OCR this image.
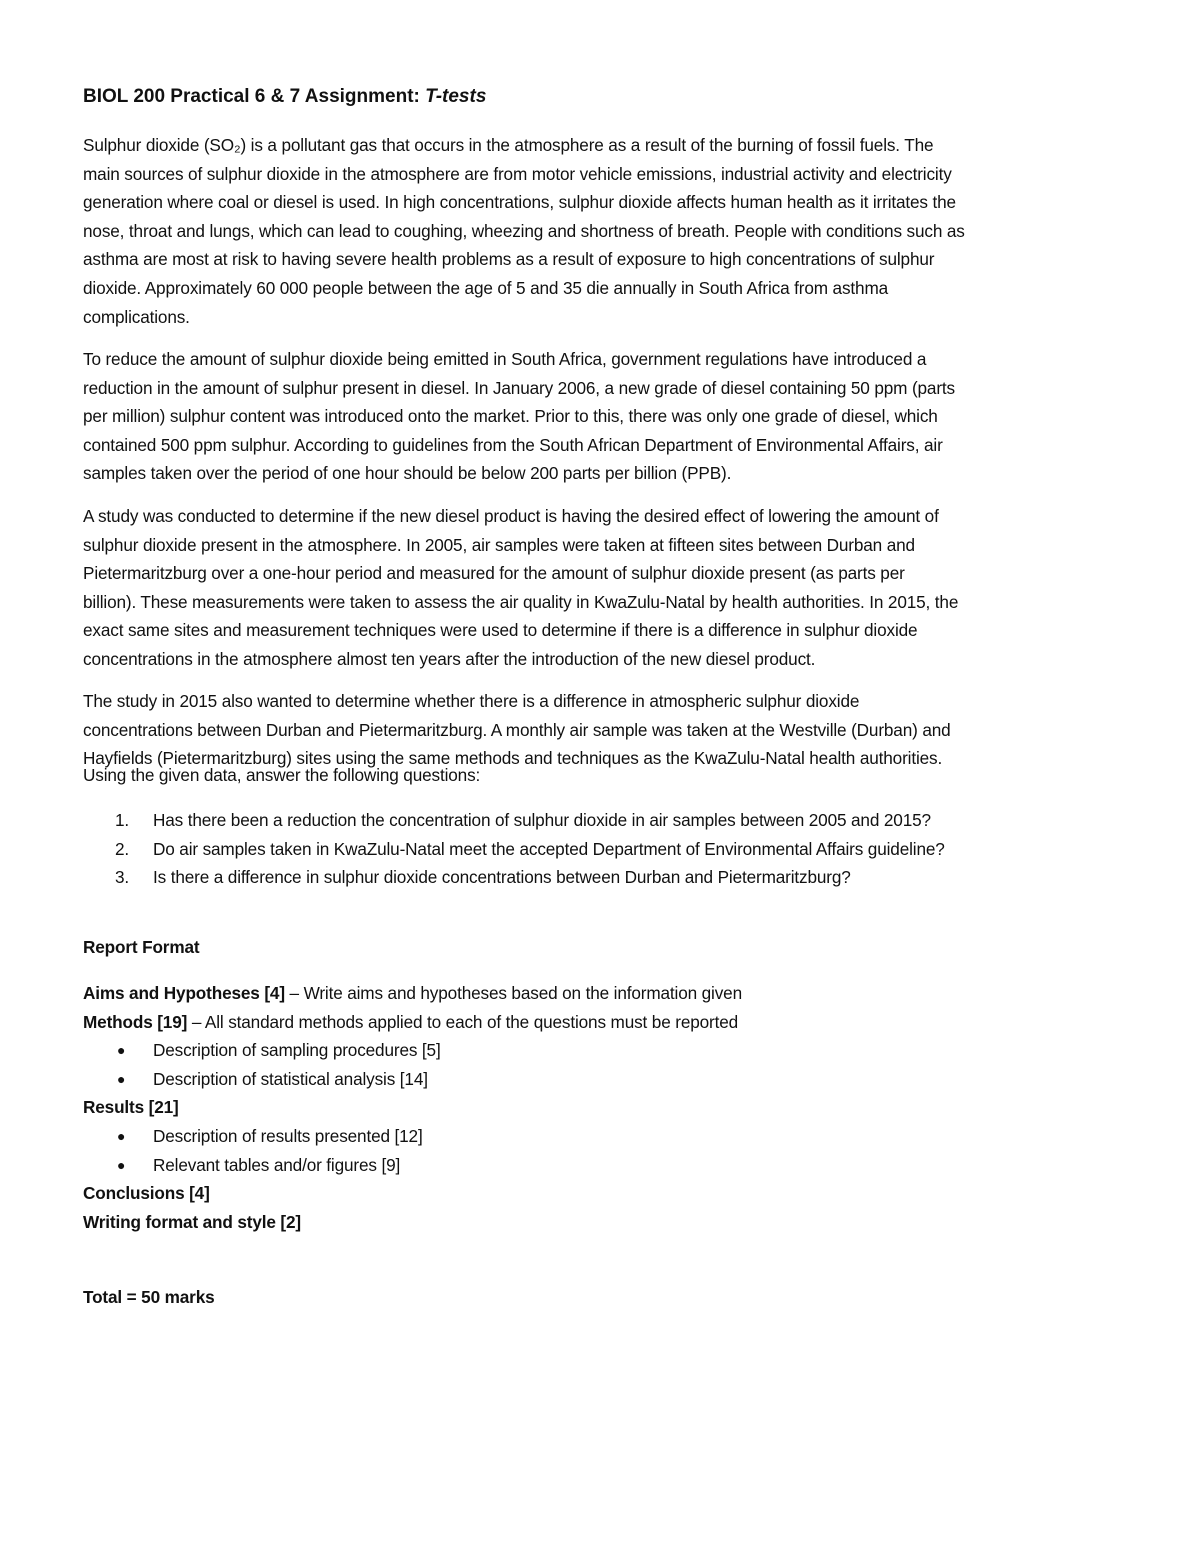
BIOL 200 Practical 6 & 7 Assignment: T-tests
Sulphur dioxide (SO₂) is a pollutant gas that occurs in the atmosphere as a result of the burning of fossil fuels. The
main sources of sulphur dioxide in the atmosphere are from motor vehicle emissions, industrial activity and electricity
generation where coal or diesel is used. In high concentrations, sulphur dioxide affects human health as it irritates the
nose, throat and lungs, which can lead to coughing, wheezing and shortness of breath. People with conditions such as
asthma are most at risk to having severe health problems as a result of exposure to high concentrations of sulphur
dioxide. Approximately 60 000 people between the age of 5 and 35 die annually in South Africa from asthma
complications.
To reduce the amount of sulphur dioxide being emitted in South Africa, government regulations have introduced a
reduction in the amount of sulphur present in diesel. In January 2006, a new grade of diesel containing 50 ppm (parts
per million) sulphur content was introduced onto the market. Prior to this, there was only one grade of diesel, which
contained 500 ppm sulphur. According to guidelines from the South African Department of Environmental Affairs, air
samples taken over the period of one hour should be below 200 parts per billion (PPB).
A study was conducted to determine if the new diesel product is having the desired effect of lowering the amount of
sulphur dioxide present in the atmosphere. In 2005, air samples were taken at fifteen sites between Durban and
Pietermaritzburg over a one-hour period and measured for the amount of sulphur dioxide present (as parts per
billion). These measurements were taken to assess the air quality in KwaZulu-Natal by health authorities. In 2015, the
exact same sites and measurement techniques were used to determine if there is a difference in sulphur dioxide
concentrations in the atmosphere almost ten years after the introduction of the new diesel product.
The study in 2015 also wanted to determine whether there is a difference in atmospheric sulphur dioxide
concentrations between Durban and Pietermaritzburg. A monthly air sample was taken at the Westville (Durban) and
Hayfields (Pietermaritzburg) sites using the same methods and techniques as the KwaZulu-Natal health authorities.
Using the given data, answer the following questions:
1. Has there been a reduction the concentration of sulphur dioxide in air samples between 2005 and 2015?
2. Do air samples taken in KwaZulu-Natal meet the accepted Department of Environmental Affairs guideline?
3. Is there a difference in sulphur dioxide concentrations between Durban and Pietermaritzburg?
Report Format
Aims and Hypotheses [4] – Write aims and hypotheses based on the information given
Methods [19] – All standard methods applied to each of the questions must be reported
● Description of sampling procedures [5]
● Description of statistical analysis [14]
Results [21]
● Description of results presented [12]
● Relevant tables and/or figures [9]
Conclusions [4]
Writing format and style [2]
Total = 50 marks
